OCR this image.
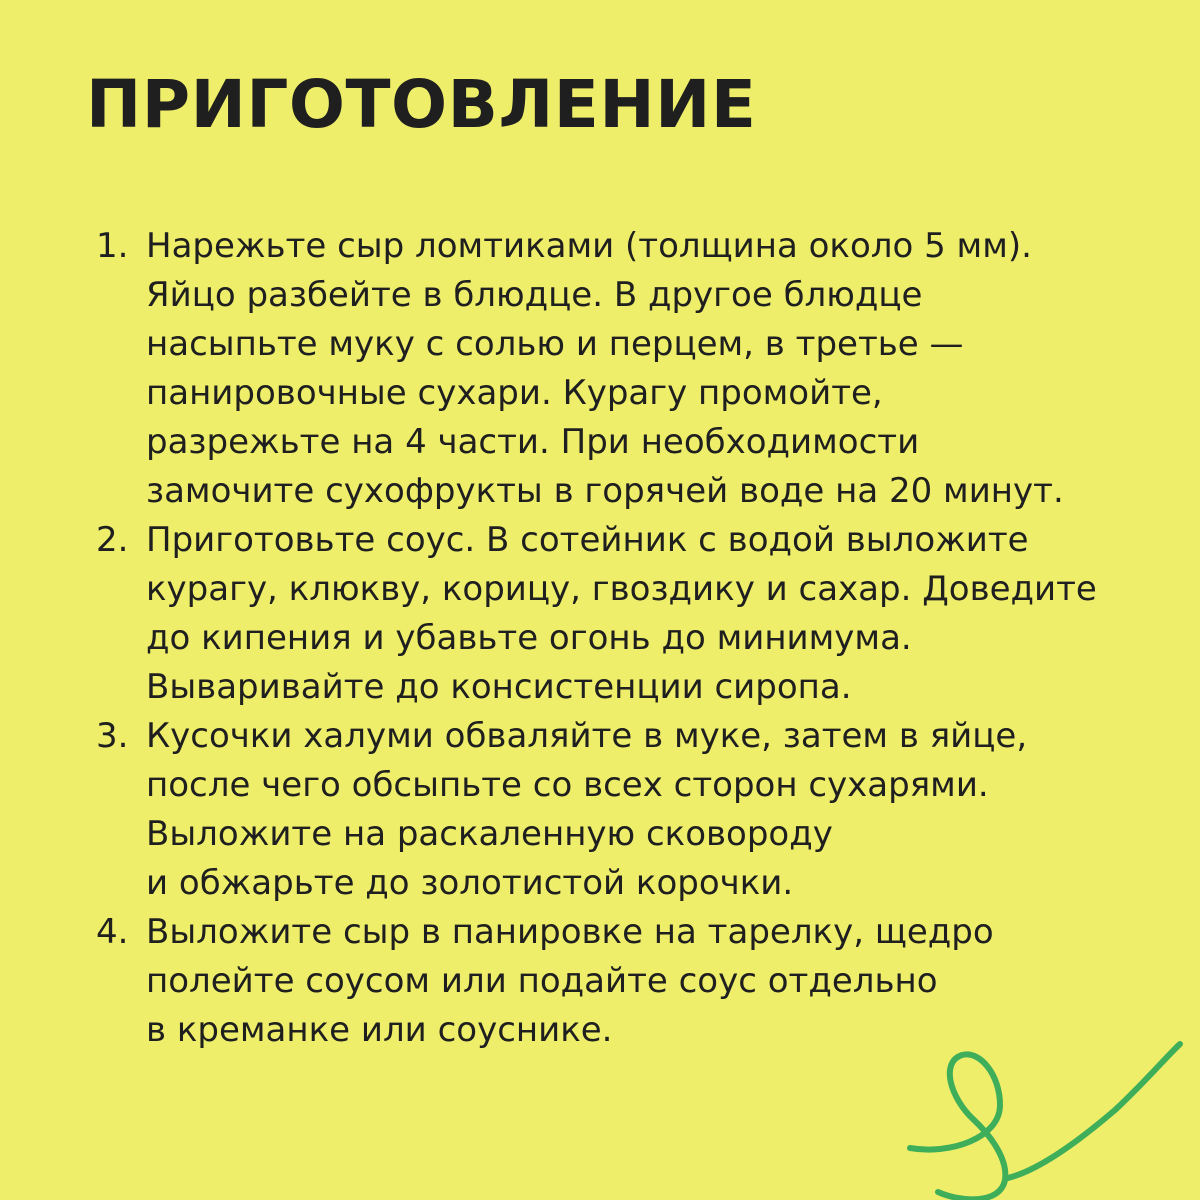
ПРИГОТОВЛЕНИЕ
1. Нарежьте сыр ломтиками (толщина около 5 мм).
Яйцо разбейте в блюдце. В другое блюдце
насыпьте муку с солью и перцем, в третье —
панировочные сухари. Курагу промойте,
разрежьте на 4 части. При необходимости
замочите сухофрукты в горячей воде на 20 минут.
2. Приготовьте соус. В сотейник с водой выложите
курагу, клюкву, корицу, гвоздику и сахар. Доведите
до кипения и убавьте огонь до минимума.
Вываривайте до консистенции сиропа.
3. Кусочки халуми обваляйте в муке, затем в яйце,
после чего обсыпьте со всех сторон сухарями.
Выложите на раскаленную сковороду
и обжарьте до золотистой корочки.
4. Выложите сыр в панировке на тарелку, щедро
полейте соусом или подайте соус отдельно
в креманке или соуснике.
